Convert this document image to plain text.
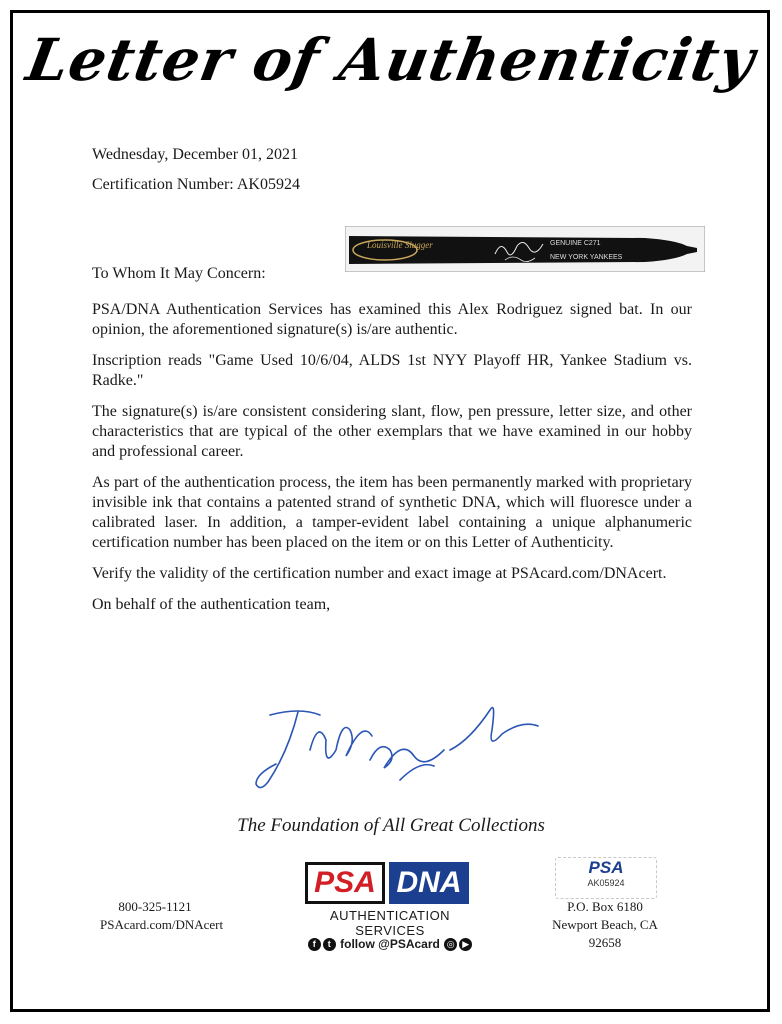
Letter of Authenticity
Wednesday, December 01, 2021
Certification Number: AK05924
Louisville Slugger	GENUINE C271
NEW YORK YANKEES
To Whom It May Concern:

PSA/DNA Authentication Services has examined this Alex Rodriguez signed bat. In our opinion, the aforementioned signature(s) is/are authentic.

Inscription reads "Game Used 10/6/04, ALDS 1st NYY Playoff HR, Yankee Stadium vs. Radke."

The signature(s) is/are consistent considering slant, flow, pen pressure, letter size, and other characteristics that are typical of the other exemplars that we have examined in our hobby and professional career.

As part of the authentication process, the item has been permanently marked with proprietary invisible ink that contains a patented strand of synthetic DNA, which will fluoresce under a calibrated laser. In addition, a tamper-evident label containing a unique alphanumeric certification number has been placed on the item or on this Letter of Authenticity.

Verify the validity of the certification number and exact image at PSAcard.com/DNAcert.

On behalf of the authentication team,

The Foundation of All Great Collections
800-325-1121
PSAcard.com/DNAcert
PSA DNA
AUTHENTICATION SERVICES
f t follow @PSAcard ◎ ▶
PSA
AK05924
P.O. Box 6180
Newport Beach, CA 92658
